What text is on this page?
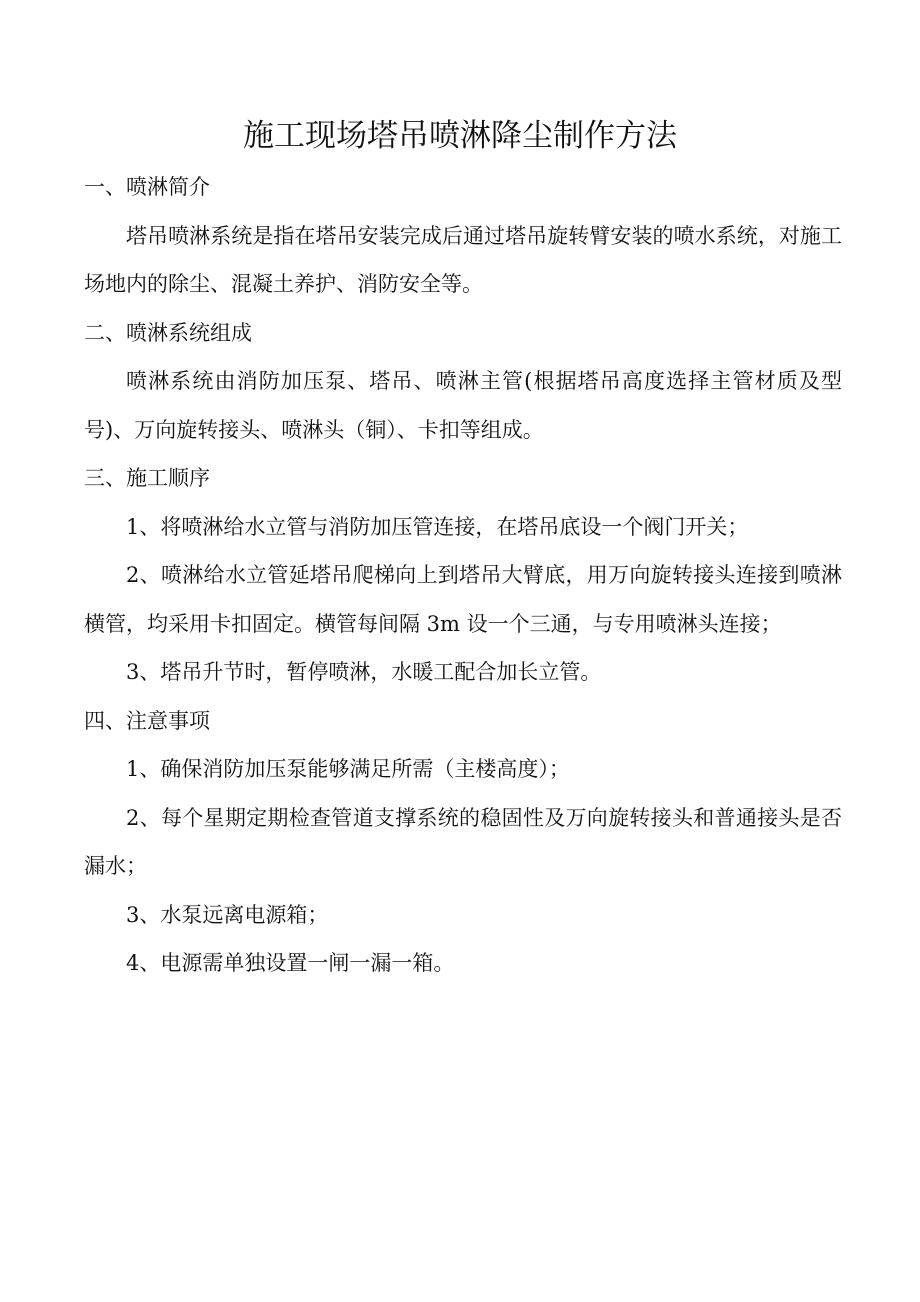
施工现场塔吊喷淋降尘制作方法

一、喷淋简介

塔吊喷淋系统是指在塔吊安装完成后通过塔吊旋转臂安装的喷水系统，对施工场地内的除尘、混凝土养护、消防安全等。

二、喷淋系统组成

喷淋系统由消防加压泵、塔吊、喷淋主管(根据塔吊高度选择主管材质及型号)、万向旋转接头、喷淋头（铜）、卡扣等组成。

三、施工顺序

1、将喷淋给水立管与消防加压管连接，在塔吊底设一个阀门开关；

2、喷淋给水立管延塔吊爬梯向上到塔吊大臂底，用万向旋转接头连接到喷淋横管，均采用卡扣固定。横管每间隔 3m 设一个三通，与专用喷淋头连接；

3、塔吊升节时，暂停喷淋，水暖工配合加长立管。

四、注意事项

1、确保消防加压泵能够满足所需（主楼高度）；

2、每个星期定期检查管道支撑系统的稳固性及万向旋转接头和普通接头是否漏水；

3、水泵远离电源箱；

4、电源需单独设置一闸一漏一箱。
